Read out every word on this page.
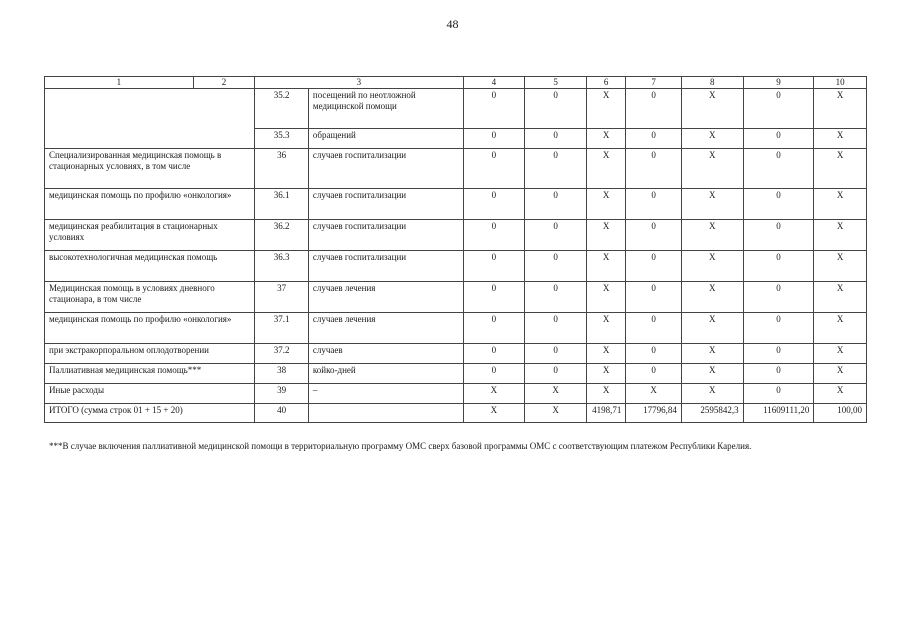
48
1	2	3		4	5	6	7	8	9	10
		35.2	посещений по неотложной медицинской помощи	0	0	X	0	X	0	X
		35.3	обращений	0	0	X	0	X	0	X
Специализированная медицинская помощь в стационарных условиях, в том числе		36	случаев госпитализации	0	0	X	0	X	0	X
медицинская помощь по профилю «онкология»		36.1	случаев госпитализации	0	0	X	0	X	0	X
медицинская реабилитация в стационарных условиях		36.2	случаев госпитализации	0	0	X	0	X	0	X
высокотехнологичная медицинская помощь		36.3	случаев госпитализации	0	0	X	0	X	0	X
Медицинская помощь в условиях дневного стационара, в том числе		37	случаев лечения	0	0	X	0	X	0	X
медицинская помощь по профилю «онкология»		37.1	случаев лечения	0	0	X	0	X	0	X
при экстракорпоральном оплодотворении		37.2	случаев	0	0	X	0	X	0	X
Паллиативная медицинская помощь***		38	койко-дней	0	0	X	0	X	0	X
Иные расходы		39	–	X	X	X	X	X	0	X
ИТОГО (сумма строк 01 + 15 + 20)		40		X	X	4198,71	17796,84	2595842,3	11609111,20	100,00
***В случае включения паллиативной медицинской помощи в территориальную программу ОМС сверх базовой программы ОМС с соответствующим платежом Республики Карелия.
